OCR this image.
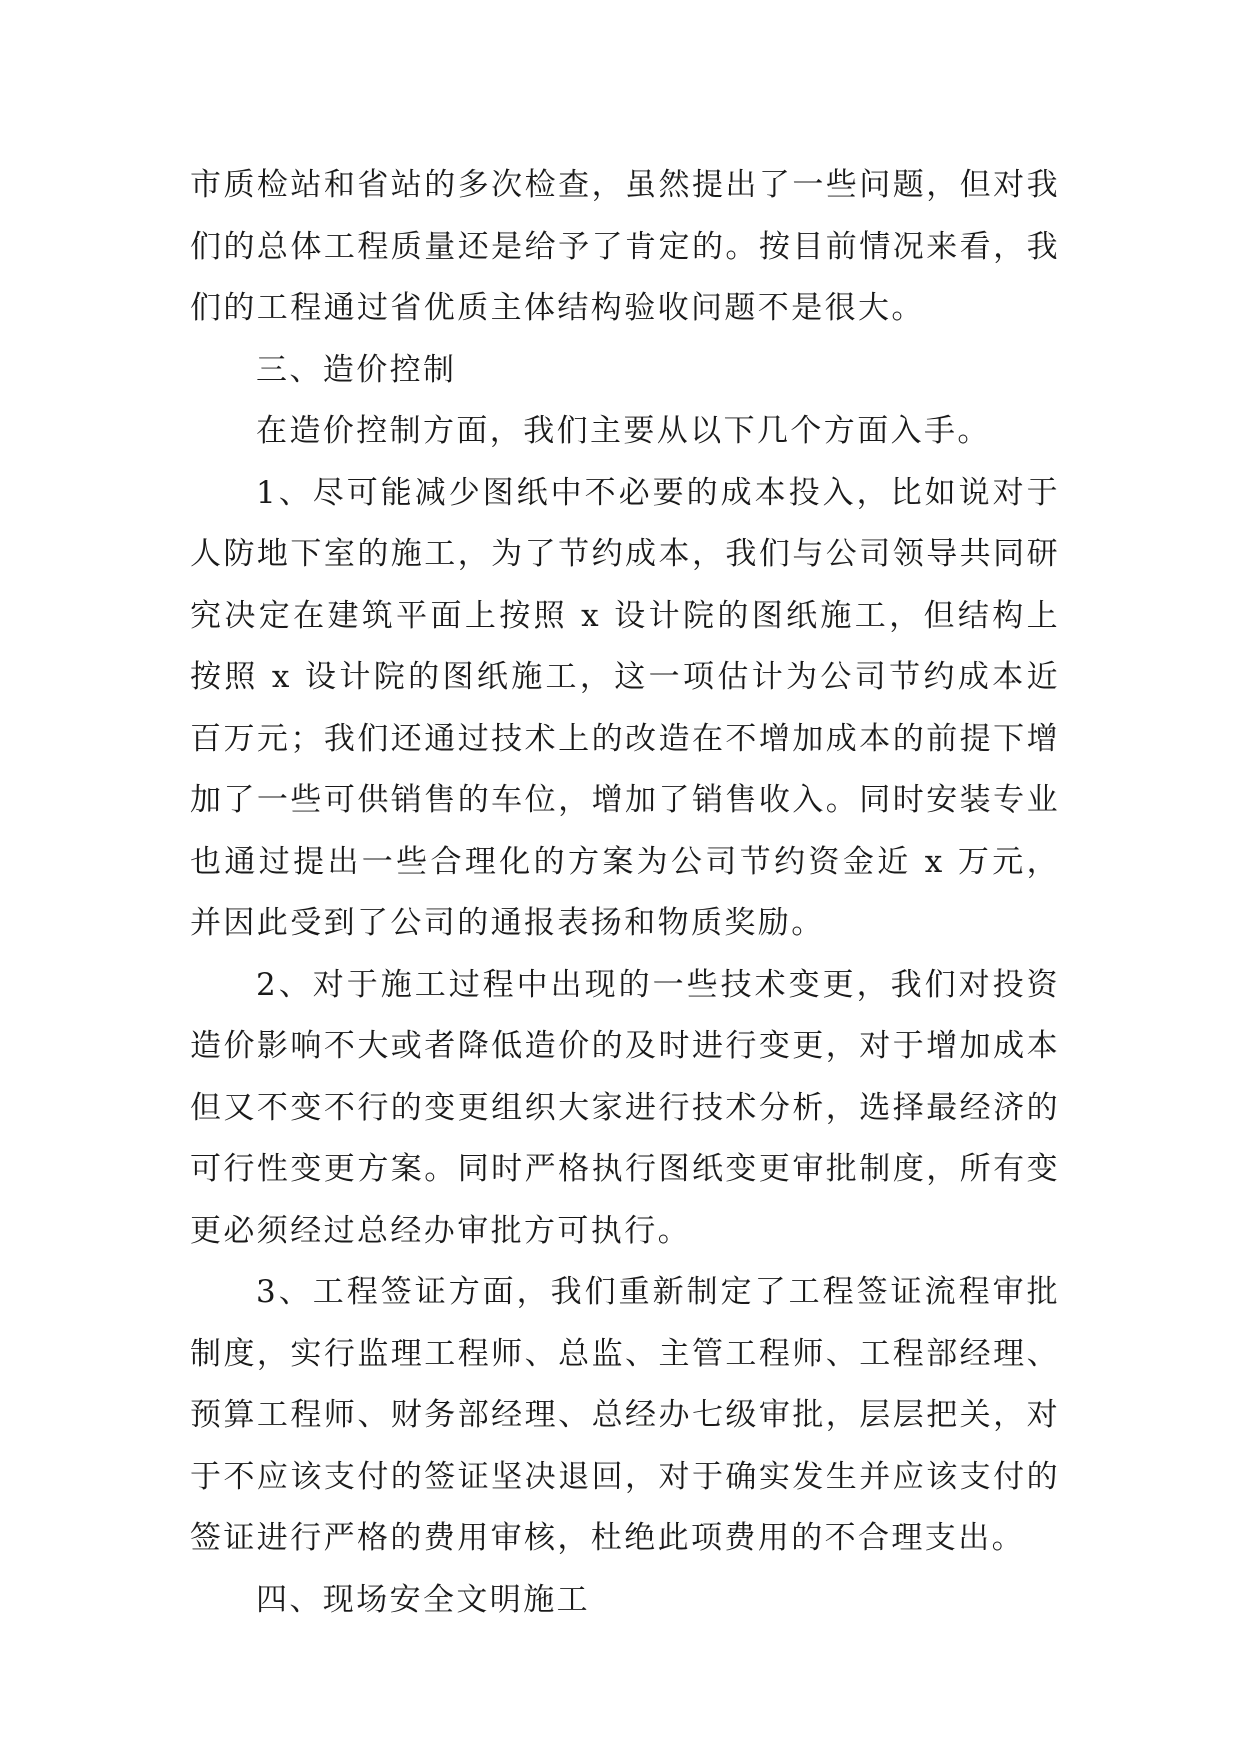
市质检站和省站的多次检查，虽然提出了一些问题，但对我们的总体工程质量还是给予了肯定的。按目前情况来看，我们的工程通过省优质主体结构验收问题不是很大。

三、造价控制

在造价控制方面，我们主要从以下几个方面入手。

1、尽可能减少图纸中不必要的成本投入，比如说对于人防地下室的施工，为了节约成本，我们与公司领导共同研究决定在建筑平面上按照 x 设计院的图纸施工，但结构上按照 x 设计院的图纸施工，这一项估计为公司节约成本近百万元；我们还通过技术上的改造在不增加成本的前提下增加了一些可供销售的车位，增加了销售收入。同时安装专业也通过提出一些合理化的方案为公司节约资金近 x 万元，并因此受到了公司的通报表扬和物质奖励。

2、对于施工过程中出现的一些技术变更，我们对投资造价影响不大或者降低造价的及时进行变更，对于增加成本但又不变不行的变更组织大家进行技术分析，选择最经济的可行性变更方案。同时严格执行图纸变更审批制度，所有变更必须经过总经办审批方可执行。

3、工程签证方面，我们重新制定了工程签证流程审批制度，实行监理工程师、总监、主管工程师、工程部经理、预算工程师、财务部经理、总经办七级审批，层层把关，对于不应该支付的签证坚决退回，对于确实发生并应该支付的签证进行严格的费用审核，杜绝此项费用的不合理支出。

四、现场安全文明施工
